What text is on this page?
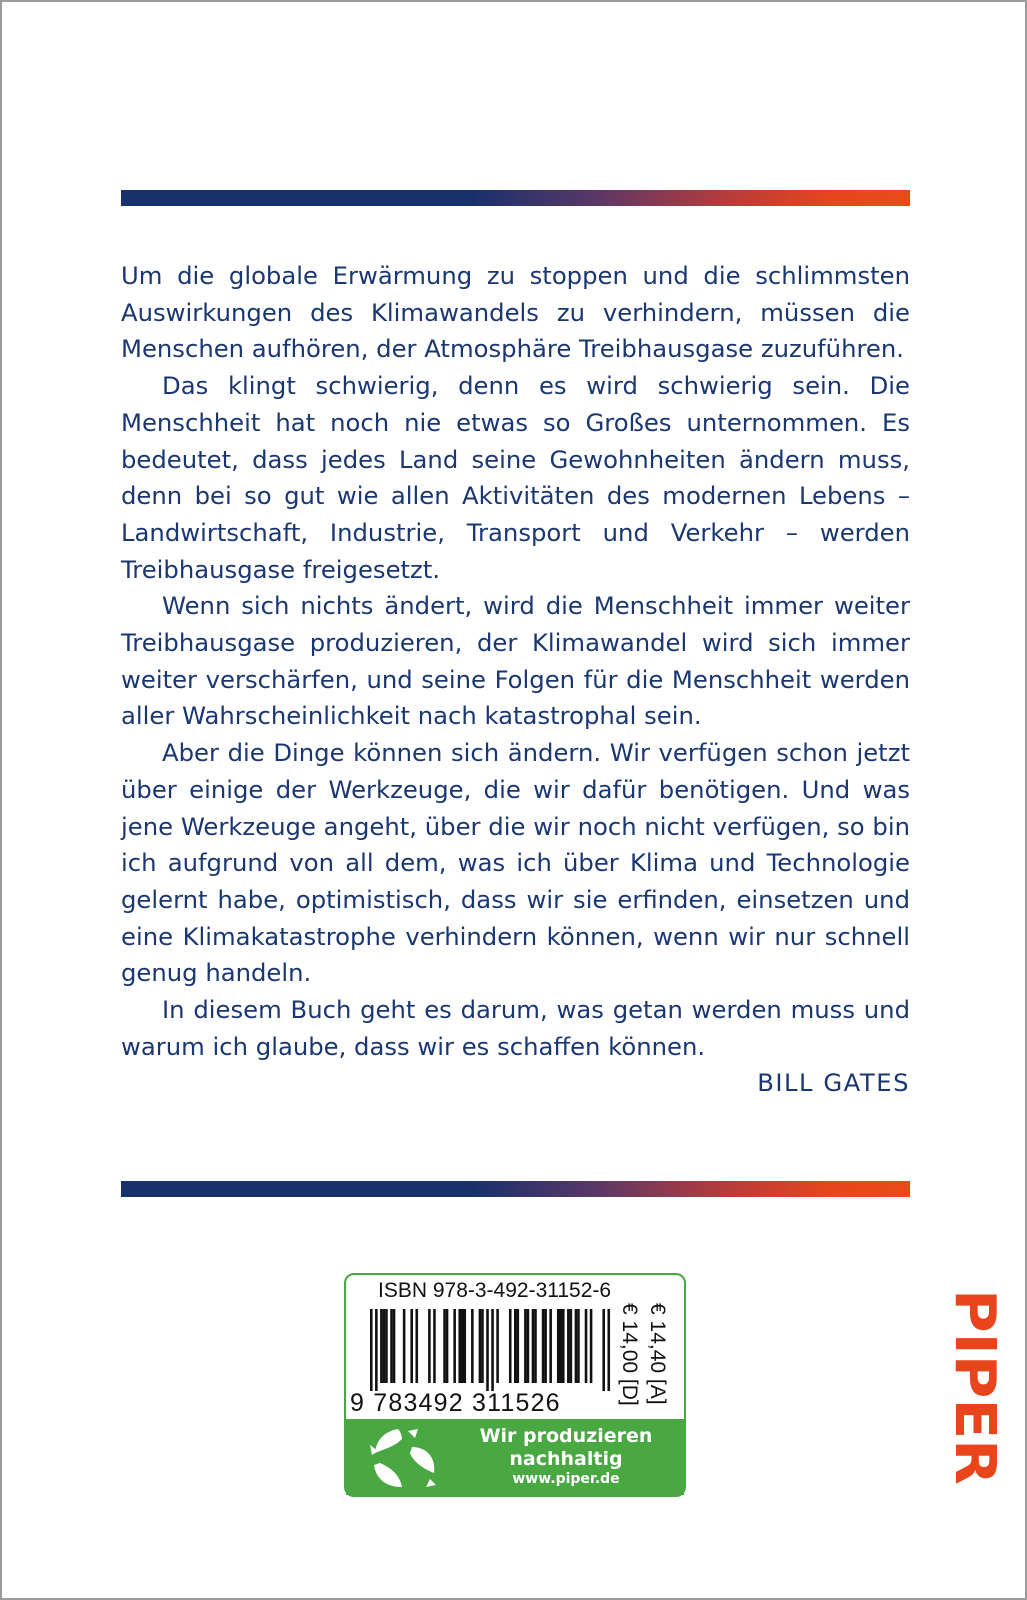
Um die globale Erwärmung zu stoppen und die schlimmsten Auswirkungen des Klimawandels zu verhindern, müssen die Menschen aufhören, der Atmosphäre Treibhausgase zuzuführen.

Das klingt schwierig, denn es wird schwierig sein. Die Menschheit hat noch nie etwas so Großes unternommen. Es bedeutet, dass jedes Land seine Gewohnheiten ändern muss, denn bei so gut wie allen Aktivitäten des modernen Lebens – Landwirtschaft, Industrie, Transport und Verkehr – werden Treibhausgase freigesetzt.

Wenn sich nichts ändert, wird die Menschheit immer weiter Treibhausgase produzieren, der Klimawandel wird sich immer weiter verschärfen, und seine Folgen für die Menschheit werden aller Wahrscheinlichkeit nach katastrophal sein.

Aber die Dinge können sich ändern. Wir verfügen schon jetzt über einige der Werkzeuge, die wir dafür benötigen. Und was jene Werkzeuge angeht, über die wir noch nicht verfügen, so bin ich aufgrund von all dem, was ich über Klima und Technologie gelernt habe, optimistisch, dass wir sie erfinden, einsetzen und eine Klimakatastrophe verhindern können, wenn wir nur schnell genug handeln.

In diesem Buch geht es darum, was getan werden muss und warum ich glaube, dass wir es schaffen können.

BILL GATES
ISBN 978-3-492-31152-6
9 783492 311526	€ 14,00 [D] € 14,40 [A]
Wir produzieren
nachhaltig
www.piper.de
PIPER
